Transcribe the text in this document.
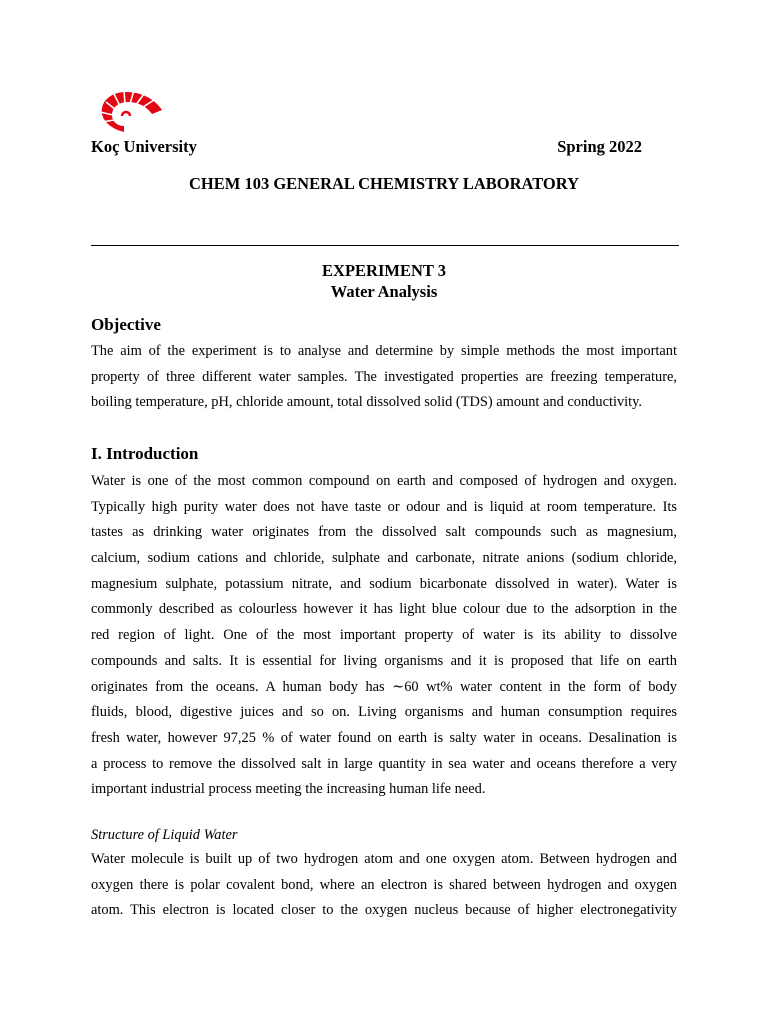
Koç University	Spring 2022
CHEM 103 GENERAL CHEMISTRY LABORATORY
EXPERIMENT 3
Water Analysis
Objective
The aim of the experiment is to analyse and determine by simple methods the most important
property of three different water samples. The investigated properties are freezing temperature,
boiling temperature, pH, chloride amount, total dissolved solid (TDS) amount and conductivity.
I. Introduction
Water is one of the most common compound on earth and composed of hydrogen and oxygen.
Typically high purity water does not have taste or odour and is liquid at room temperature. Its
tastes as drinking water originates from the dissolved salt compounds such as magnesium,
calcium, sodium cations and chloride, sulphate and carbonate, nitrate anions (sodium chloride,
magnesium sulphate, potassium nitrate, and sodium bicarbonate dissolved in water). Water is
commonly described as colourless however it has light blue colour due to the adsorption in the
red region of light. One of the most important property of water is its ability to dissolve
compounds and salts. It is essential for living organisms and it is proposed that life on earth
originates from the oceans. A human body has ∼60 wt% water content in the form of body
fluids, blood, digestive juices and so on. Living organisms and human consumption requires
fresh water, however 97,25 % of water found on earth is salty water in oceans. Desalination is
a process to remove the dissolved salt in large quantity in sea water and oceans therefore a very
important industrial process meeting the increasing human life need.
Structure of Liquid Water
Water molecule is built up of two hydrogen atom and one oxygen atom. Between hydrogen and
oxygen there is polar covalent bond, where an electron is shared between hydrogen and oxygen
atom. This electron is located closer to the oxygen nucleus because of higher electronegativity
